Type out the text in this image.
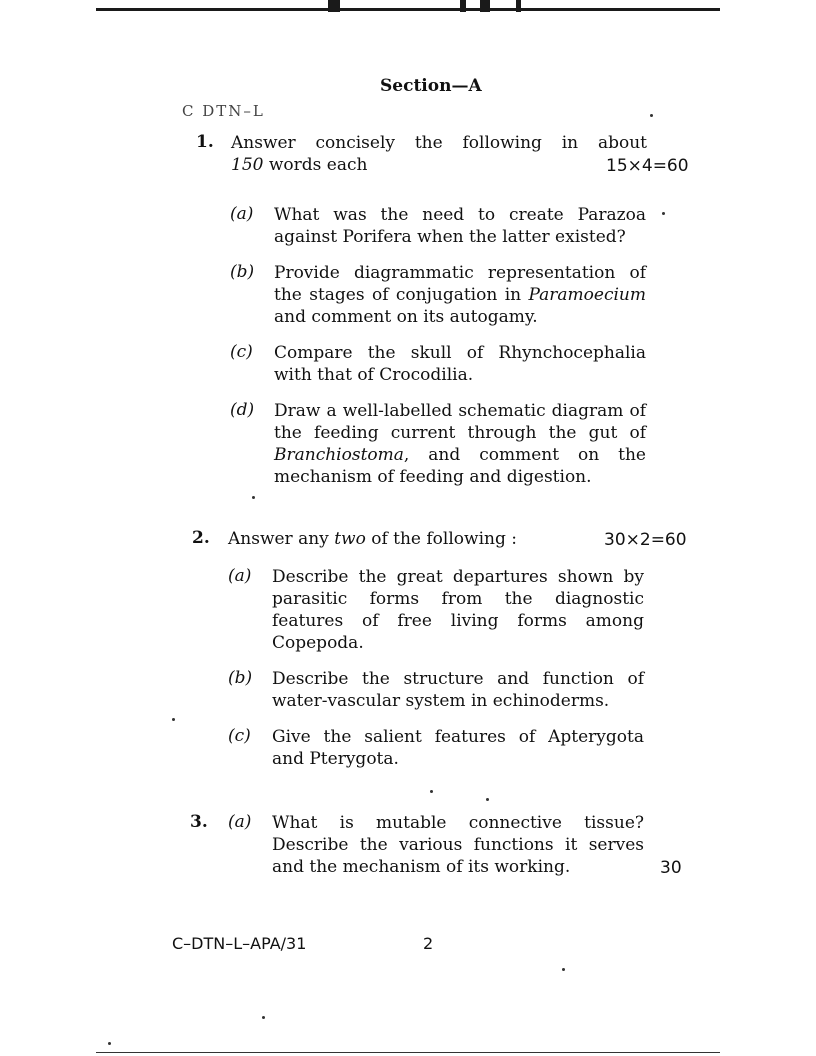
Section—A
C DTN–L
1. Answer concisely the following in about
150 words each	15×4=60
(a) What was the need to create Parazoa against Porifera when the latter existed?
(b) Provide diagrammatic representation of the stages of conjugation in Paramoecium and comment on its autogamy.
(c) Compare the skull of Rhynchocephalia with that of Crocodilia.
(d) Draw a well-labelled schematic diagram of the feeding current through the gut of Branchiostoma, and comment on the mechanism of feeding and digestion.
2. Answer any two of the following :	30×2=60
(a) Describe the great departures shown by parasitic forms from the diagnostic features of free living forms among Copepoda.
(b) Describe the structure and function of water-vascular system in echinoderms.
(c) Give the salient features of Apterygota and Pterygota.
3. (a) What is mutable connective tissue? Describe the various functions it serves and the mechanism of its working.	30
C–DTN–L–APA/31	2
